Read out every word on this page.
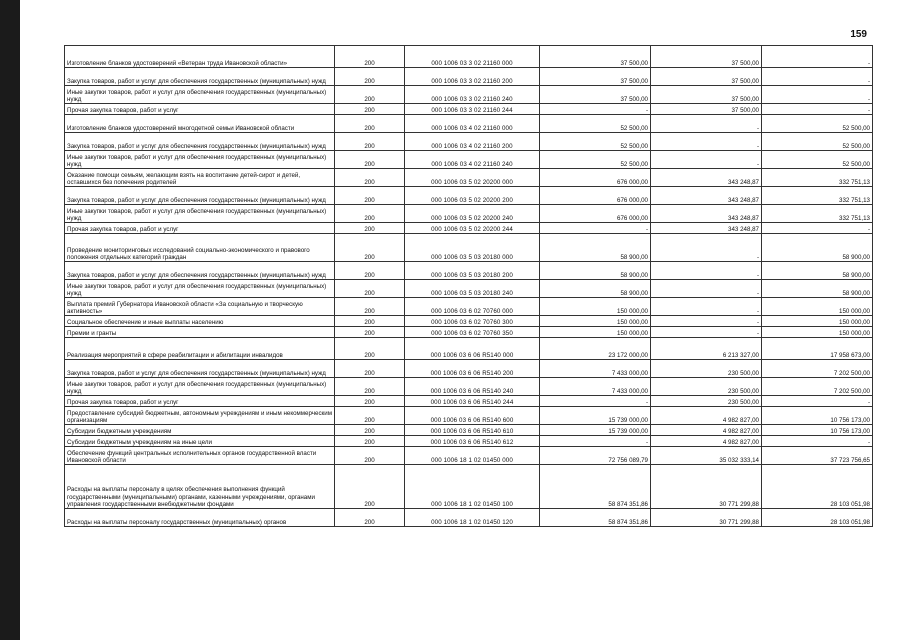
159
Изготовление бланков удостоверений «Ветеран труда Ивановской области»	200	000 1006 03 3 02 21160 000	37 500,00	37 500,00	-
Закупка товаров, работ и услуг для обеспечения государственных (муниципальных) нужд	200	000 1006 03 3 02 21160 200	37 500,00	37 500,00	-
Иные закупки товаров, работ и услуг для обеспечения государственных (муниципальных) нужд	200	000 1006 03 3 02 21160 240	37 500,00	37 500,00	-
Прочая закупка товаров, работ и услуг	200	000 1006 03 3 02 21160 244	-	37 500,00	-
Изготовление бланков удостоверений многодетной семьи Ивановской области	200	000 1006 03 4 02 21160 000	52 500,00	-	52 500,00
Закупка товаров, работ и услуг для обеспечения государственных (муниципальных) нужд	200	000 1006 03 4 02 21160 200	52 500,00	-	52 500,00
Иные закупки товаров, работ и услуг для обеспечения государственных (муниципальных) нужд	200	000 1006 03 4 02 21160 240	52 500,00	-	52 500,00
Оказание помощи семьям, желающим взять на воспитание детей-сирот и детей, оставшихся без попечения родителей	200	000 1006 03 5 02 20200 000	676 000,00	343 248,87	332 751,13
Закупка товаров, работ и услуг для обеспечения государственных (муниципальных) нужд	200	000 1006 03 5 02 20200 200	676 000,00	343 248,87	332 751,13
Иные закупки товаров, работ и услуг для обеспечения государственных (муниципальных) нужд	200	000 1006 03 5 02 20200 240	676 000,00	343 248,87	332 751,13
Прочая закупка товаров, работ и услуг	200	000 1006 03 5 02 20200 244	-	343 248,87	-
Проведение мониторинговых исследований социально-экономического и правового положения отдельных категорий граждан	200	000 1006 03 5 03 20180 000	58 900,00	-	58 900,00
Закупка товаров, работ и услуг для обеспечения государственных (муниципальных) нужд	200	000 1006 03 5 03 20180 200	58 900,00	-	58 900,00
Иные закупки товаров, работ и услуг для обеспечения государственных (муниципальных) нужд	200	000 1006 03 5 03 20180 240	58 900,00	-	58 900,00
Выплата премий Губернатора Ивановской области «За социальную и творческую активность»	200	000 1006 03 6 02 70760 000	150 000,00	-	150 000,00
Социальное обеспечение и иные выплаты населению	200	000 1006 03 6 02 70760 300	150 000,00	-	150 000,00
Премии и гранты	200	000 1006 03 6 02 70760 350	150 000,00	-	150 000,00
Реализация мероприятий в сфере реабилитации и абилитации инвалидов	200	000 1006 03 6 06 R5140 000	23 172 000,00	6 213 327,00	17 958 673,00
Закупка товаров, работ и услуг для обеспечения государственных (муниципальных) нужд	200	000 1006 03 6 06 R5140 200	7 433 000,00	230 500,00	7 202 500,00
Иные закупки товаров, работ и услуг для обеспечения государственных (муниципальных) нужд	200	000 1006 03 6 06 R5140 240	7 433 000,00	230 500,00	7 202 500,00
Прочая закупка товаров, работ и услуг	200	000 1006 03 6 06 R5140 244	-	230 500,00	-
Предоставление субсидий бюджетным, автономным учреждениям и иным некоммерческим организациям	200	000 1006 03 6 06 R5140 600	15 739 000,00	4 982 827,00	10 756 173,00
Субсидии бюджетным учреждениям	200	000 1006 03 6 06 R5140 610	15 739 000,00	4 982 827,00	10 756 173,00
Субсидии бюджетным учреждениям на иные цели	200	000 1006 03 6 06 R5140 612	-	4 982 827,00	-
Обеспечение функций центральных исполнительных органов государственной власти Ивановской области	200	000 1006 18 1 02 01450 000	72 756 089,79	35 032 333,14	37 723 756,65
Расходы на выплаты персоналу в целях обеспечения выполнения функций государственными (муниципальными) органами, казенными учреждениями, органами управления государственными внебюджетными фондами	200	000 1006 18 1 02 01450 100	58 874 351,86	30 771 299,88	28 103 051,98
Расходы на выплаты персоналу государственных (муниципальных) органов	200	000 1006 18 1 02 01450 120	58 874 351,86	30 771 299,88	28 103 051,98
